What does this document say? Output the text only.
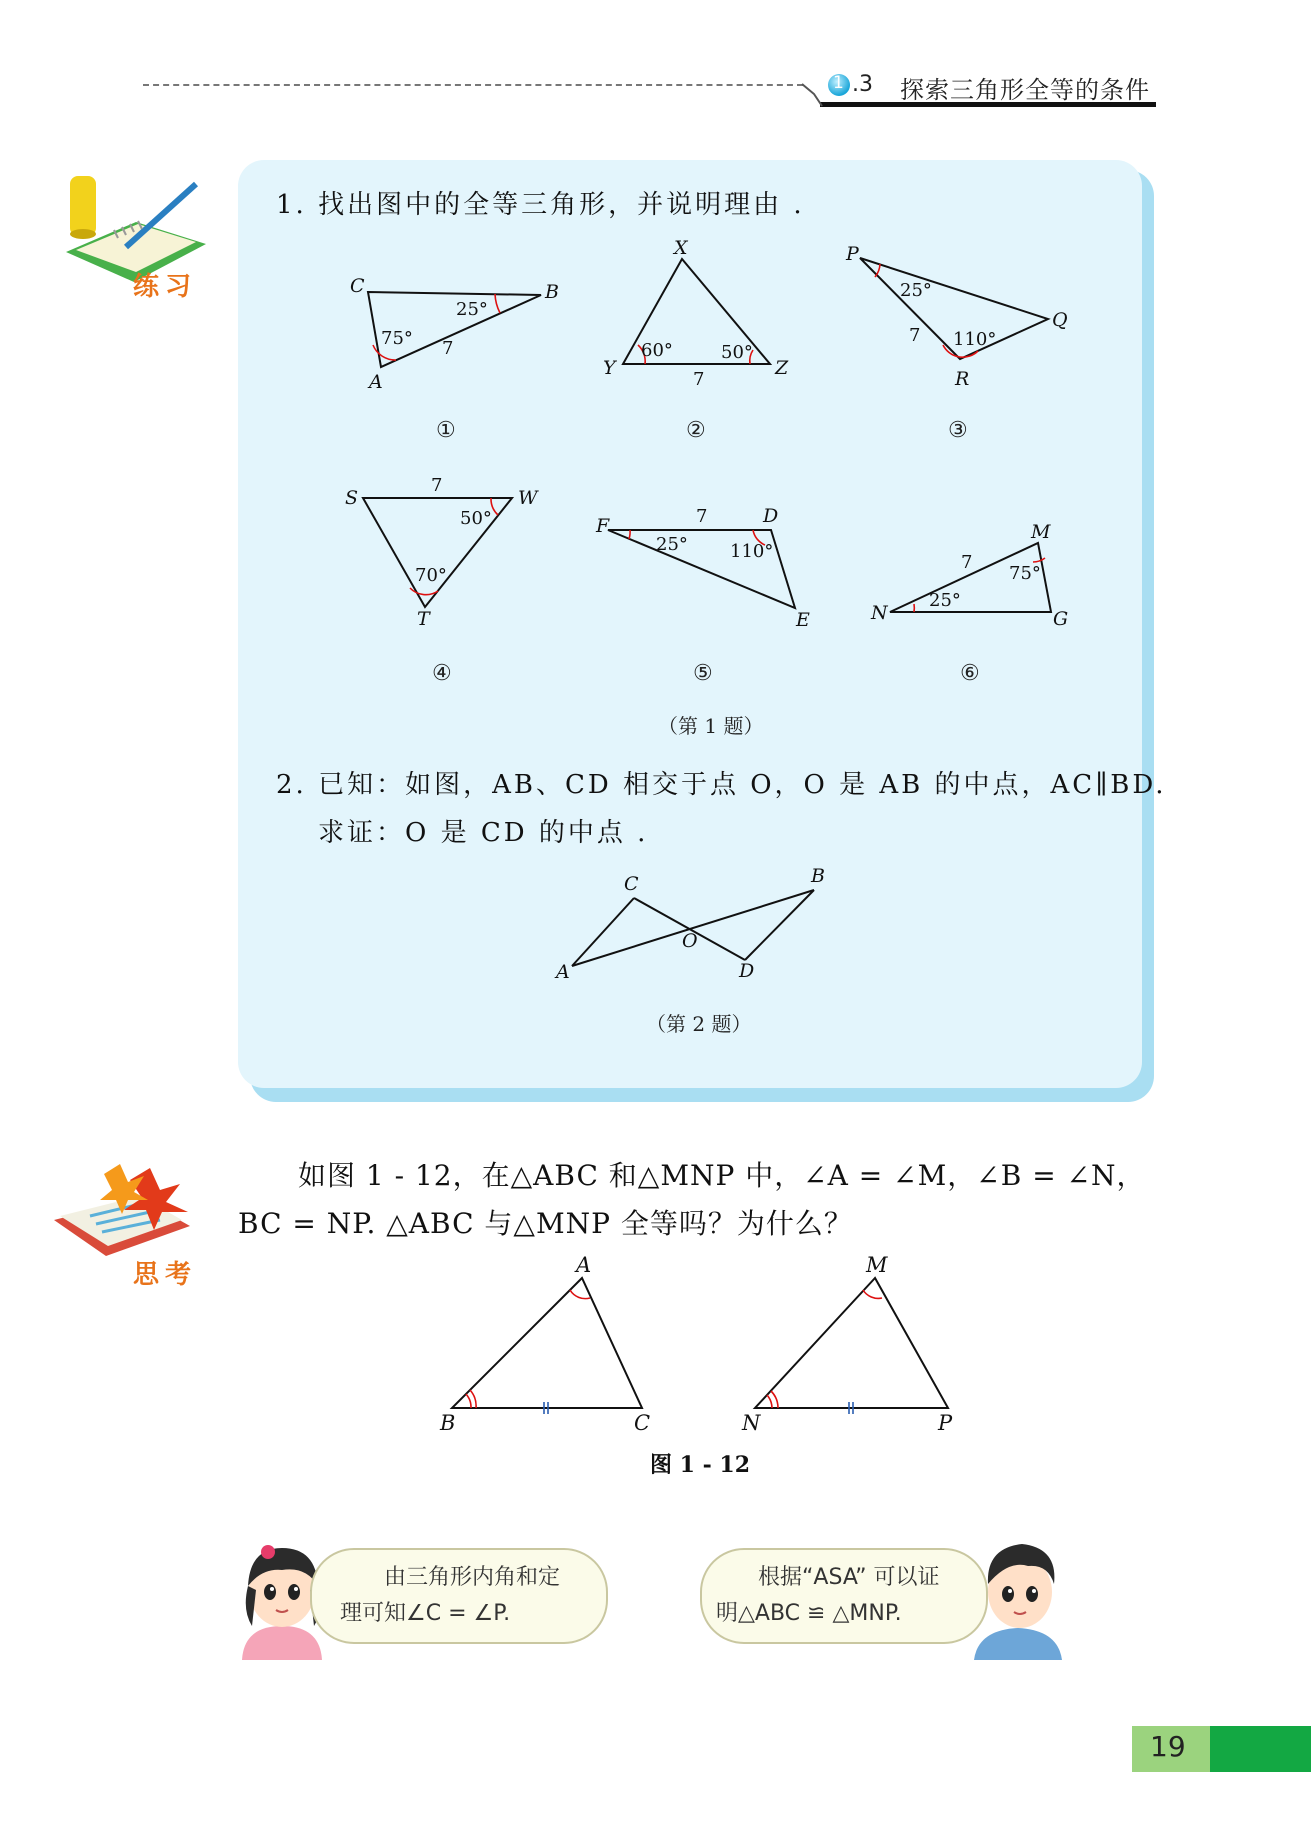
1 .3 探索三角形全等的条件
练习
1. 找出图中的全等三角形，并说明理由 .
C	B
A
X
Y	Z
P
Q
R
S	W
T
F	D
E
M
N	G
25°
75° 7	60°	50°
7
25°
110°
7
50°
70°
7
25° 110°
7
75°
25°
7
①	②	③
④	⑤	⑥
（第 1 题）
2. 已知：如图，AB、CD 相交于点 O，O 是 AB 的中点，AC∥BD.
求证：O 是 CD 的中点 .
C	B
O
A	D
（第 2 题）
思考
如图 1 - 12，在△ABC 和△MNP 中，∠A = ∠M，∠B = ∠N，
BC = NP. △ABC 与△MNP 全等吗？为什么？
A
B	C
M
N	P
图 1 - 12
由三角形内角和定
理可知∠C = ∠P.
根据“ASA” 可以证
明△ABC ≌ △MNP.
19
